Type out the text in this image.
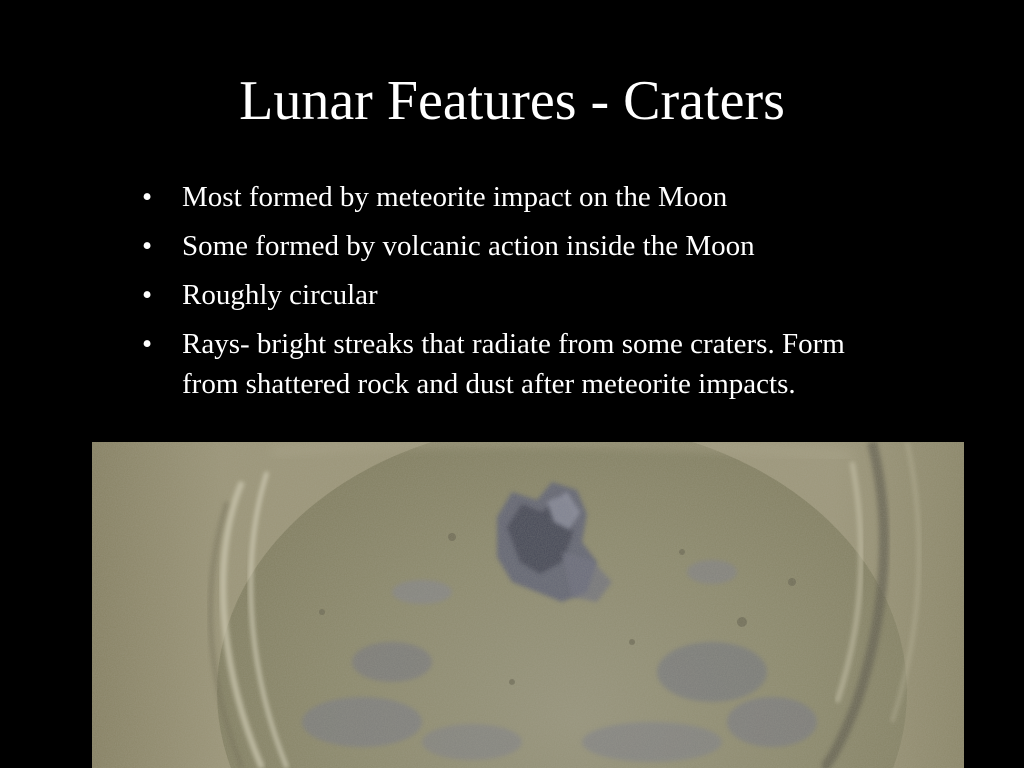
Lunar Features - Craters
• Most formed by meteorite impact on the Moon
• Some formed by volcanic action inside the Moon
• Roughly circular
• Rays- bright streaks that radiate from some craters. Form from shattered rock and dust after meteorite impacts.
